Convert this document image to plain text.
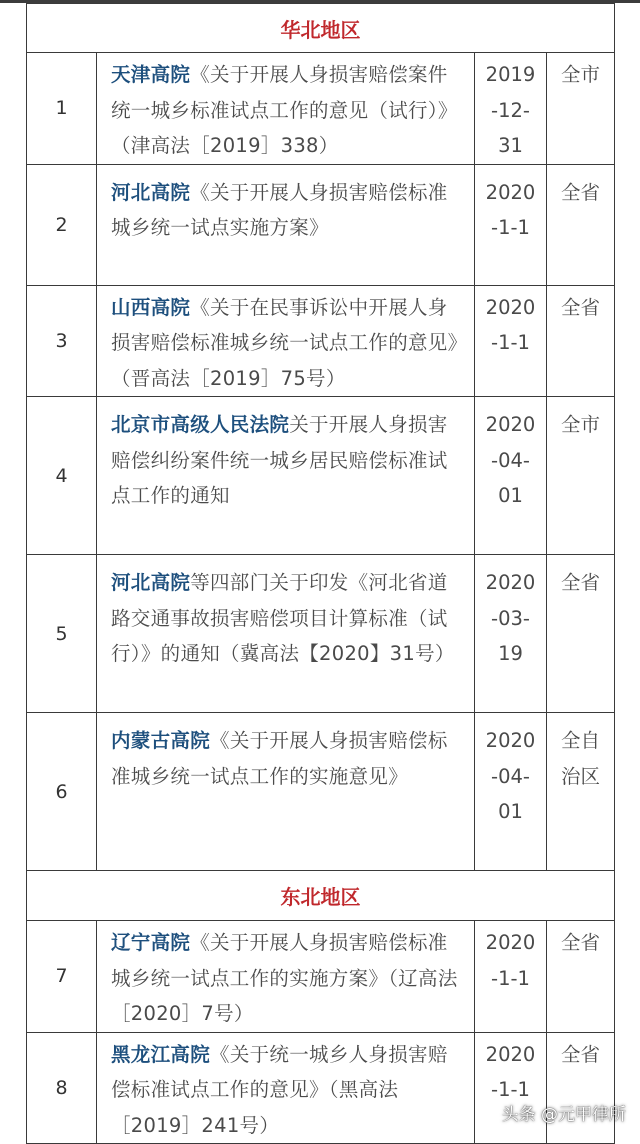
华北地区			
1	天津高院《关于开展人身损害赔偿案件统一城乡标准试点工作的意见（试行）》（津高法［2019］338）	2019-12-31	全市

2	河北高院《关于开展人身损害赔偿标准城乡统一试点实施方案》	2020-1-1	全省

3	山西高院《关于在民事诉讼中开展人身损害赔偿标准城乡统一试点工作的意见》（晋高法［2019］75号）	2020-1-1	全省

4	北京市高级人民法院关于开展人身损害赔偿纠纷案件统一城乡居民赔偿标准试点工作的通知	2020-04-01	全市

5	河北高院等四部门关于印发《河北省道路交通事故损害赔偿项目计算标准（试行）》的通知（冀高法【2020】31号）	2020-03-19	全省

6	内蒙古高院《关于开展人身损害赔偿标准城乡统一试点工作的实施意见》	2020-04-01	全自治区

东北地区			
7	辽宁高院《关于开展人身损害赔偿标准城乡统一试点工作的实施方案》（辽高法［2020］7号）	2020-1-1	全省

8	黑龙江高院《关于统一城乡人身损害赔偿标准试点工作的意见》（黑高法［2019］241号）	2020-1-1	全省
头条 @元甲律所
